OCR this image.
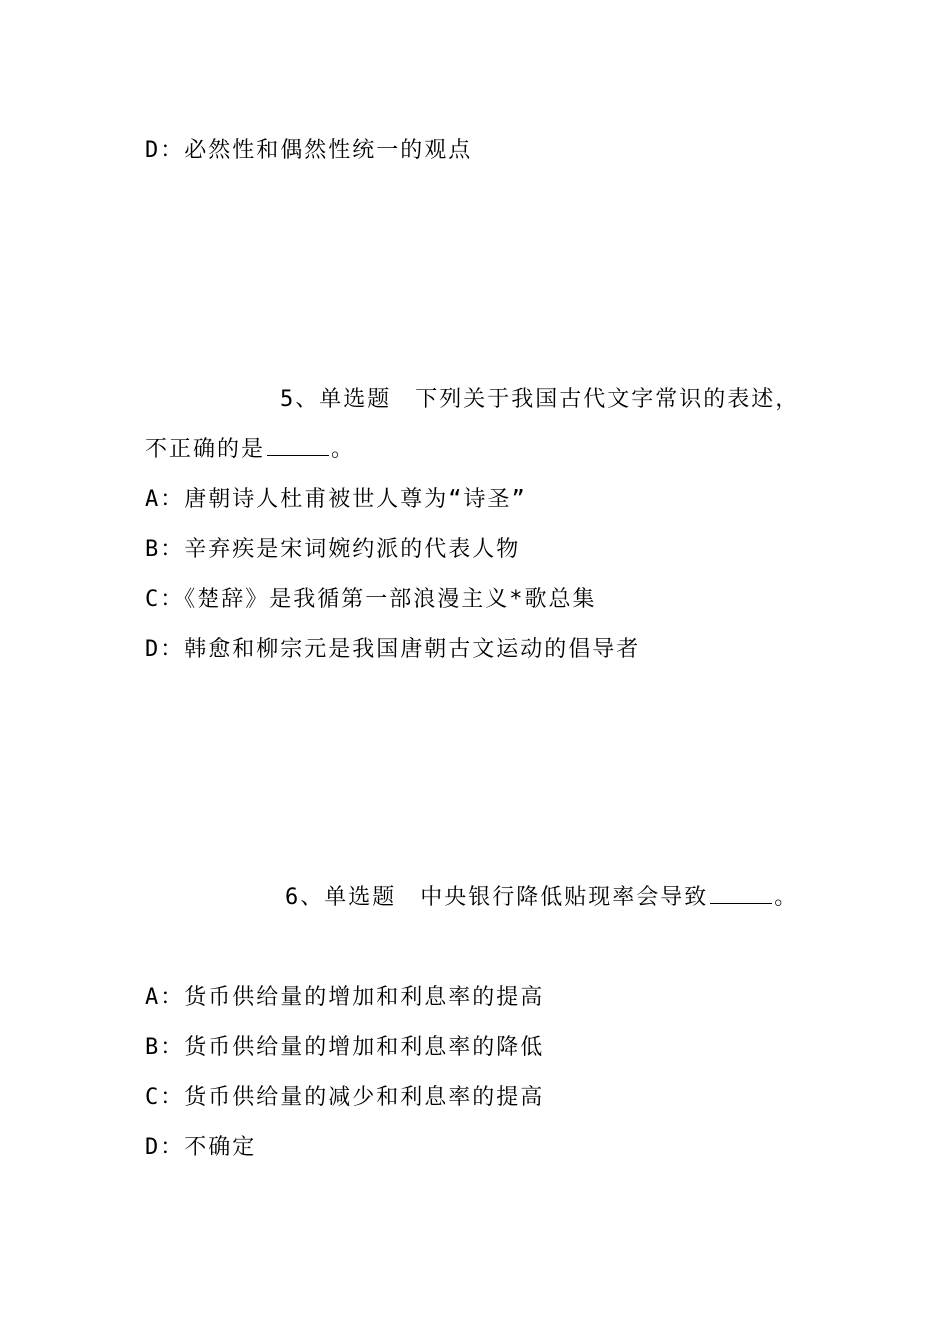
D：必然性和偶然性统一的观点
5、单选题　下列关于我国古代文字常识的表述，
不正确的是	。
A：唐朝诗人杜甫被世人尊为“诗圣”
B：辛弃疾是宋词婉约派的代表人物
C：《楚辞》是我循第一部浪漫主义*歌总集
D：韩愈和柳宗元是我国唐朝古文运动的倡导者
6、单选题　中央银行降低贴现率会导致	。
A：货币供给量的增加和利息率的提高
B：货币供给量的增加和利息率的降低
C：货币供给量的减少和利息率的提高
D：不确定
